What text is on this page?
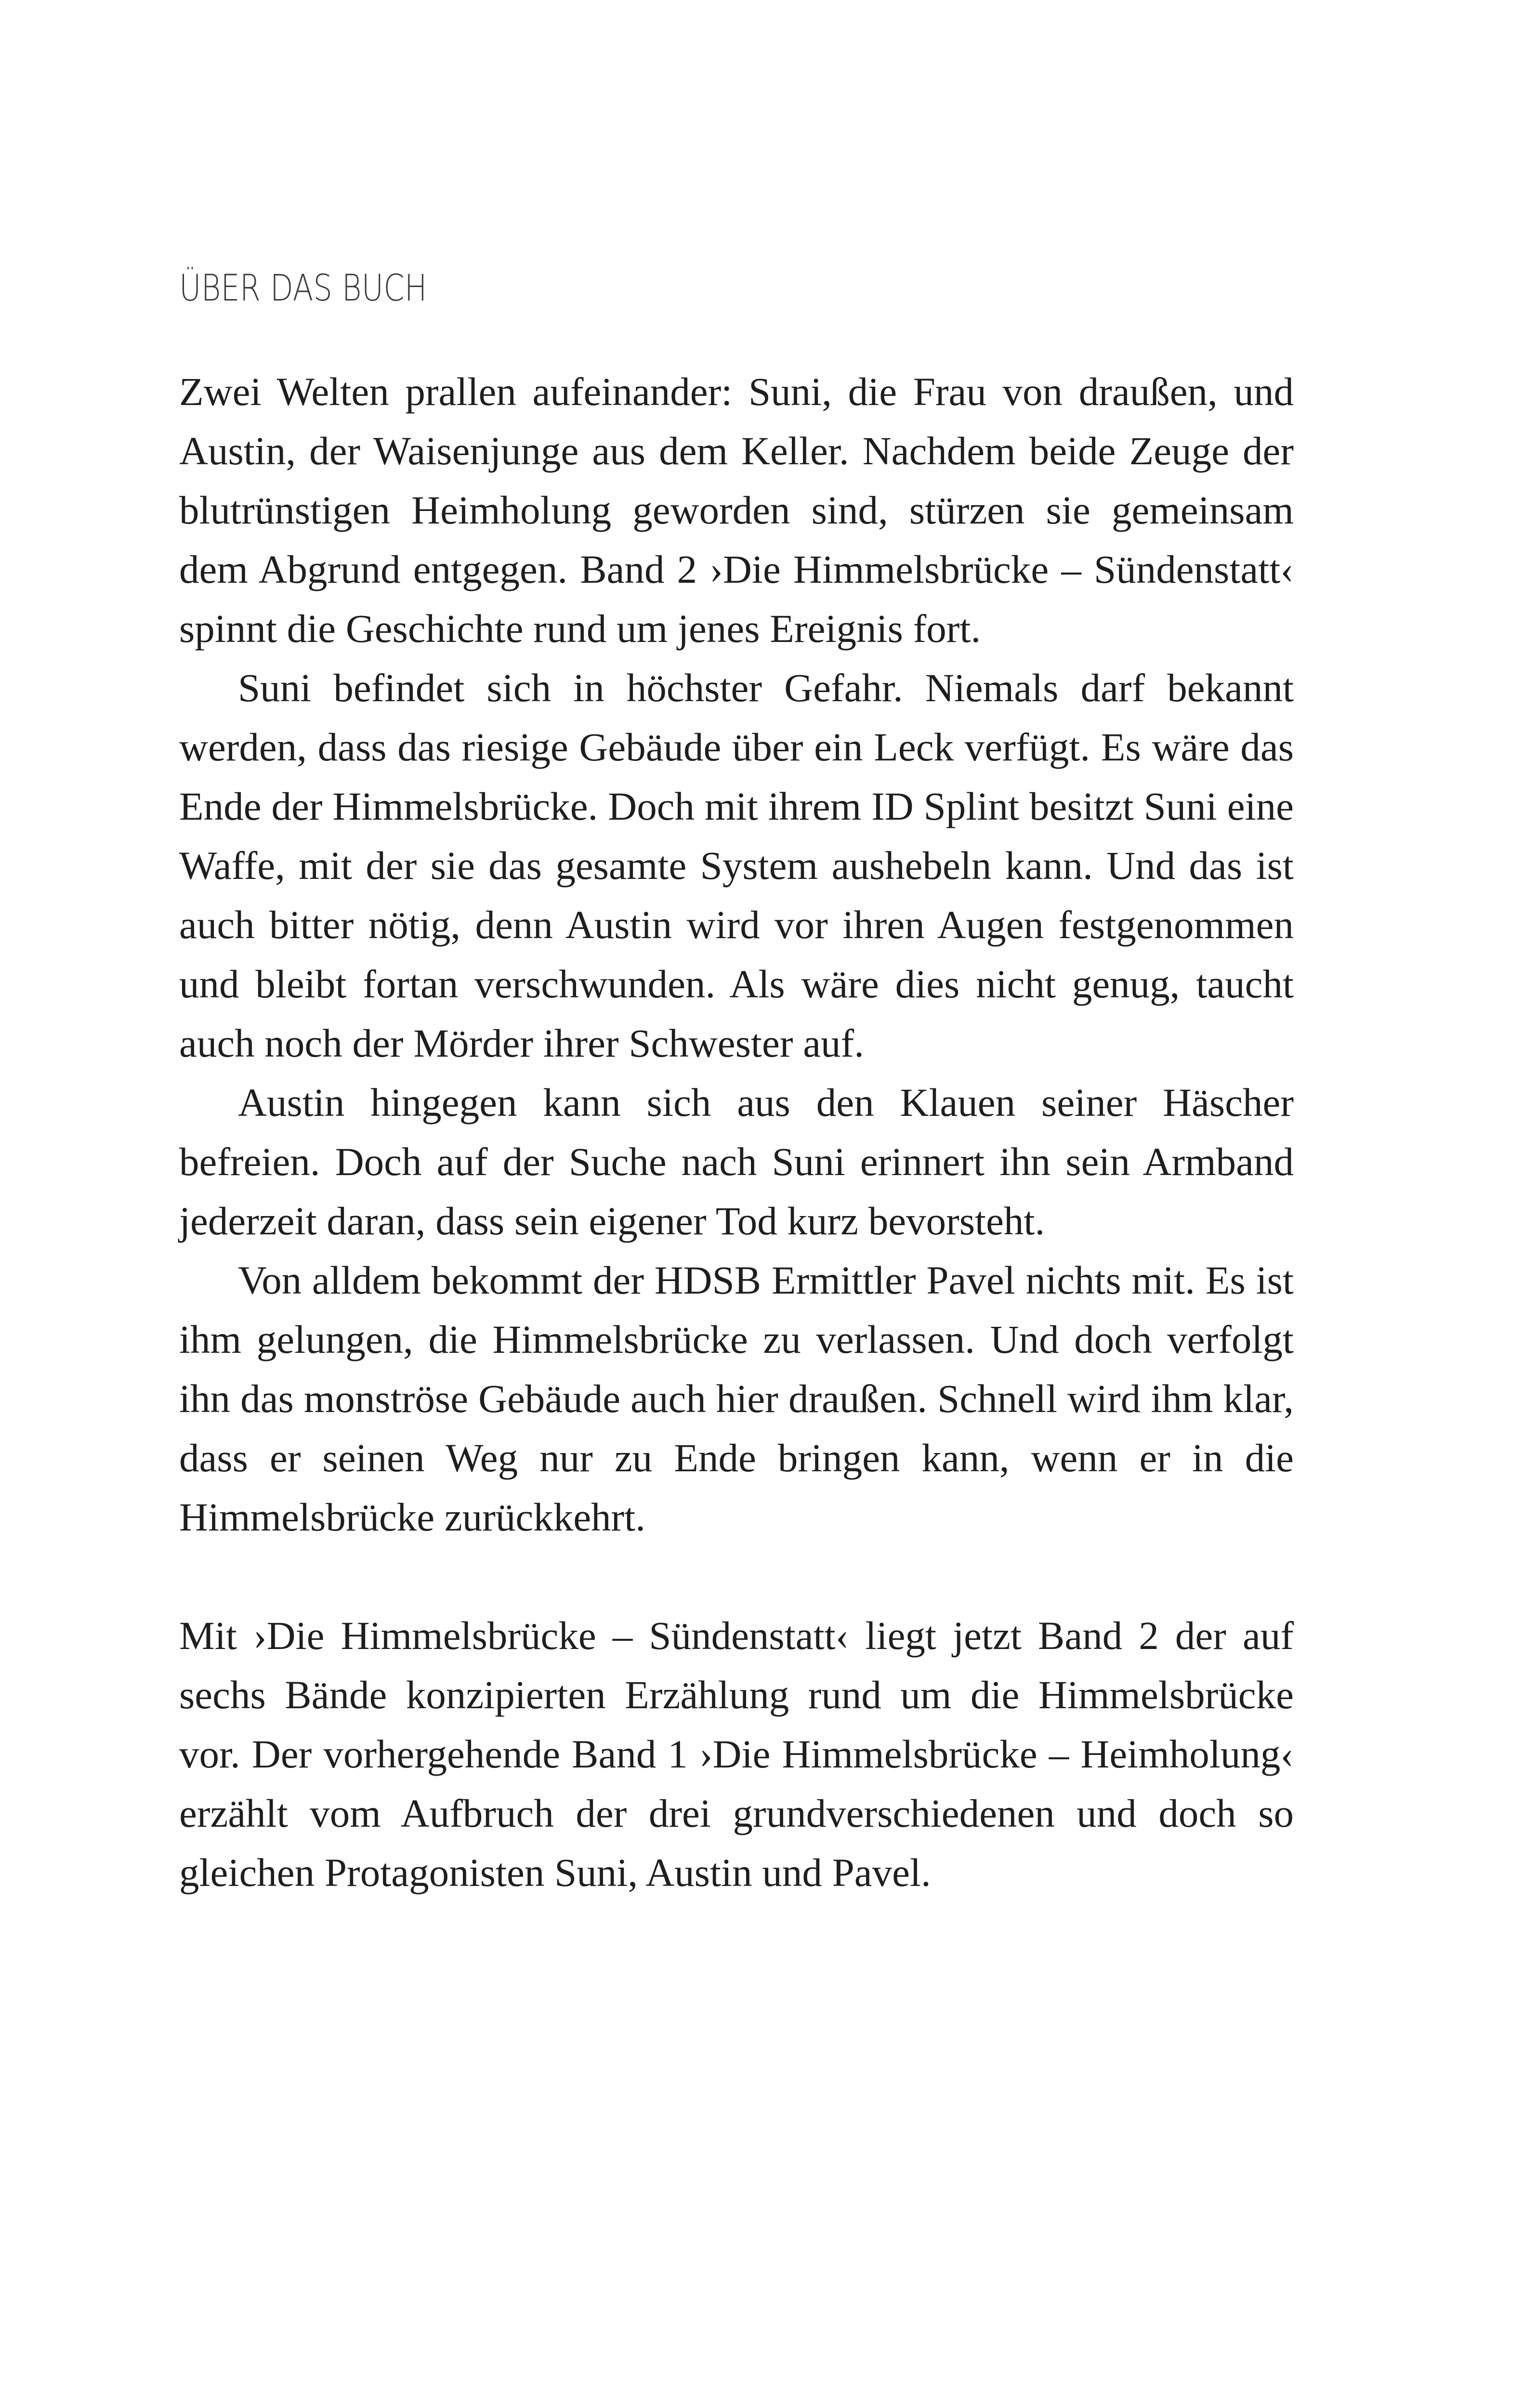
ÜBER DAS BUCH

Zwei Welten prallen aufeinander: Suni, die Frau von draußen, und Austin, der Waisenjunge aus dem Keller. Nachdem beide Zeuge der blutrünstigen Heimholung geworden sind, stürzen sie gemeinsam dem Abgrund entgegen. Band 2 ›Die Himmelsbrücke – Sündenstatt‹ spinnt die Geschichte rund um jenes Ereignis fort.

Suni befindet sich in höchster Gefahr. Niemals darf bekannt werden, dass das riesige Gebäude über ein Leck verfügt. Es wäre das Ende der Himmelsbrücke. Doch mit ihrem ID Splint besitzt Suni eine Waffe, mit der sie das gesamte System aushebeln kann. Und das ist auch bitter nötig, denn Austin wird vor ihren Augen festgenommen und bleibt fortan verschwunden. Als wäre dies nicht genug, taucht auch noch der Mörder ihrer Schwester auf.

Austin hingegen kann sich aus den Klauen seiner Häscher befreien. Doch auf der Suche nach Suni erinnert ihn sein Armband jederzeit daran, dass sein eigener Tod kurz bevorsteht.

Von alldem bekommt der HDSB Ermittler Pavel nichts mit. Es ist ihm gelungen, die Himmelsbrücke zu verlassen. Und doch verfolgt ihn das monströse Gebäude auch hier draußen. Schnell wird ihm klar, dass er seinen Weg nur zu Ende bringen kann, wenn er in die Himmelsbrücke zurückkehrt.

Mit ›Die Himmelsbrücke – Sündenstatt‹ liegt jetzt Band 2 der auf sechs Bände konzipierten Erzählung rund um die Himmelsbrücke vor. Der vorhergehende Band 1 ›Die Himmelsbrücke – Heimholung‹ erzählt vom Aufbruch der drei grundverschiedenen und doch so gleichen Protagonisten Suni, Austin und Pavel.
